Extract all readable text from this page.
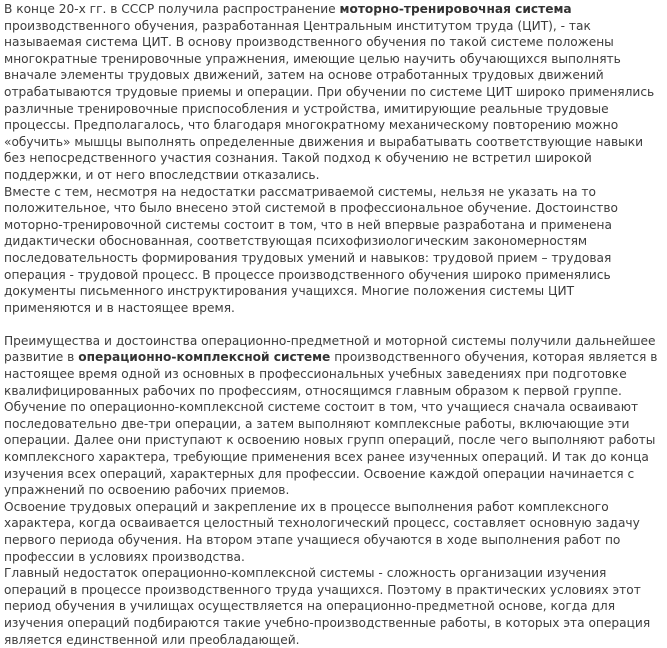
В конце 20-х гг. в СССР получила распространение моторно-тренировочная система производственного обучения, разработанная Центральным институтом труда (ЦИТ), - так называемая система ЦИТ. В основу производственного обучения по такой системе положены многократные тренировочные упражнения, имеющие целью научить обучающихся выполнять вначале элементы трудовых движений, затем на основе отработанных трудовых движений отрабатываются трудовые приемы и операции. При обучении по системе ЦИТ широко применялись различные тренировочные приспособления и устройства, имитирующие реальные трудовые процессы. Предполагалось, что благодаря многократному механическому повторению можно «обучить» мышцы выполнять определенные движения и вырабатывать соответствующие навыки без непосредственного участия сознания. Такой подход к обучению не встретил широкой поддержки, и от него впоследствии отказались.

Вместе с тем, несмотря на недостатки рассматриваемой системы, нельзя не указать на то положительное, что было внесено этой системой в профессиональное обучение. Достоинство моторно-тренировочной системы состоит в том, что в ней впервые разработана и применена дидактически обоснованная, соответствующая психофизиологическим закономерностям последовательность формирования трудовых умений и навыков: трудовой прием – трудовая операция - трудовой процесс. В процессе производственного обучения широко применялись документы письменного инструктирования учащихся. Многие положения системы ЦИТ применяются и в настоящее время.

Преимущества и достоинства операционно-предметной и моторной системы получили дальнейшее развитие в операционно-комплексной системе производственного обучения, которая является в настоящее время одной из основных в профессиональных учебных заведениях при подготовке квалифицированных рабочих по профессиям, относящимся главным образом к первой группе.

Обучение по операционно-комплексной системе состоит в том, что учащиеся сначала осваивают последовательно две-три операции, а затем выполняют комплексные работы, включающие эти операции. Далее они приступают к освоению новых групп операций, после чего выполняют работы комплексного характера, требующие применения всех ранее изученных операций. И так до конца изучения всех операций, характерных для профессии. Освоение каждой операции начинается с упражнений по освоению рабочих приемов.

Освоение трудовых операций и закрепление их в процессе выполнения работ комплексного характера, когда осваивается целостный технологический процесс, составляет основную задачу первого периода обучения. На втором этапе учащиеся обучаются в ходе выполнения работ по профессии в условиях производства.

Главный недостаток операционно-комплексной системы - сложность организации изучения операций в процессе производственного труда учащихся. Поэтому в практических условиях этот период обучения в училищах осуществляется на операционно-предметной основе, когда для изучения операций подбираются такие учебно-производственные работы, в которых эта операция является единственной или преобладающей.
